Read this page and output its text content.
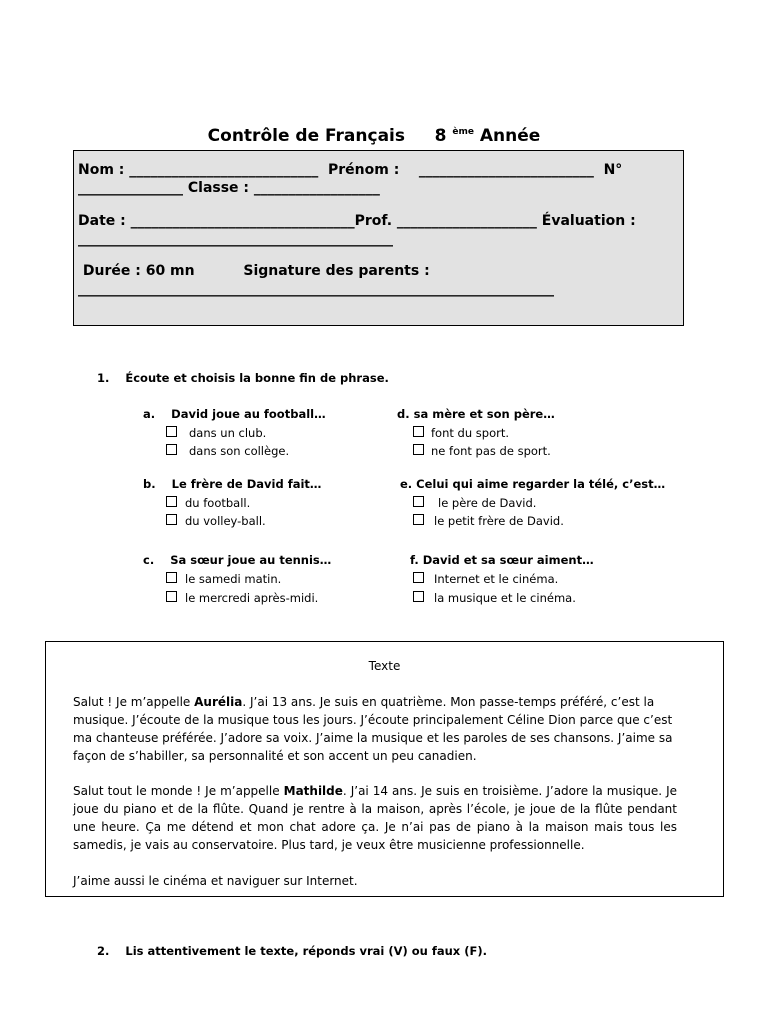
Contrôle de Français 8 $^{ème}$ Année
Nom : ___________________________  Prénom :    _________________________  N°
_______________ Classe : __________________
Date : ________________________________Prof. ____________________ Évaluation :
_____________________________________________
Durée : 60 mn          Signature des parents :
____________________________________________________________________
1.    Écoute et choisis la bonne fin de phrase.
a.    David joue au football…
dans un club.
dans son collège.
d. sa mère et son père…
font du sport.
ne font pas de sport.
b.    Le frère de David fait…
du football.
du volley-ball.
e. Celui qui aime regarder la télé, c’est…
le père de David.
le petit frère de David.
c.    Sa sœur joue au tennis…
le samedi matin.
le mercredi après-midi.
f. David et sa sœur aiment…
Internet et le cinéma.
la musique et le cinéma.
Texte
Salut ! Je m’appelle Aurélia. J’ai 13 ans. Je suis en quatrième. Mon passe-temps préféré, c’est la musique. J’écoute de la musique tous les jours. J’écoute principalement Céline Dion parce que c’est ma chanteuse préférée. J’adore sa voix. J’aime la musique et les paroles de ses chansons. J’aime sa façon de s’habiller, sa personnalité et son accent un peu canadien.
Salut tout le monde ! Je m’appelle Mathilde. J’ai 14 ans. Je suis en troisième. J’adore la musique. Je joue du piano et de la flûte. Quand je rentre à la maison, après l’école, je joue de la flûte pendant une heure. Ça me détend et mon chat adore ça. Je n’ai pas de piano à la maison mais tous les samedis, je vais au conservatoire. Plus tard, je veux être musicienne professionnelle.
J’aime aussi le cinéma et naviguer sur Internet.
2.    Lis attentivement le texte, réponds vrai (V) ou faux (F).
